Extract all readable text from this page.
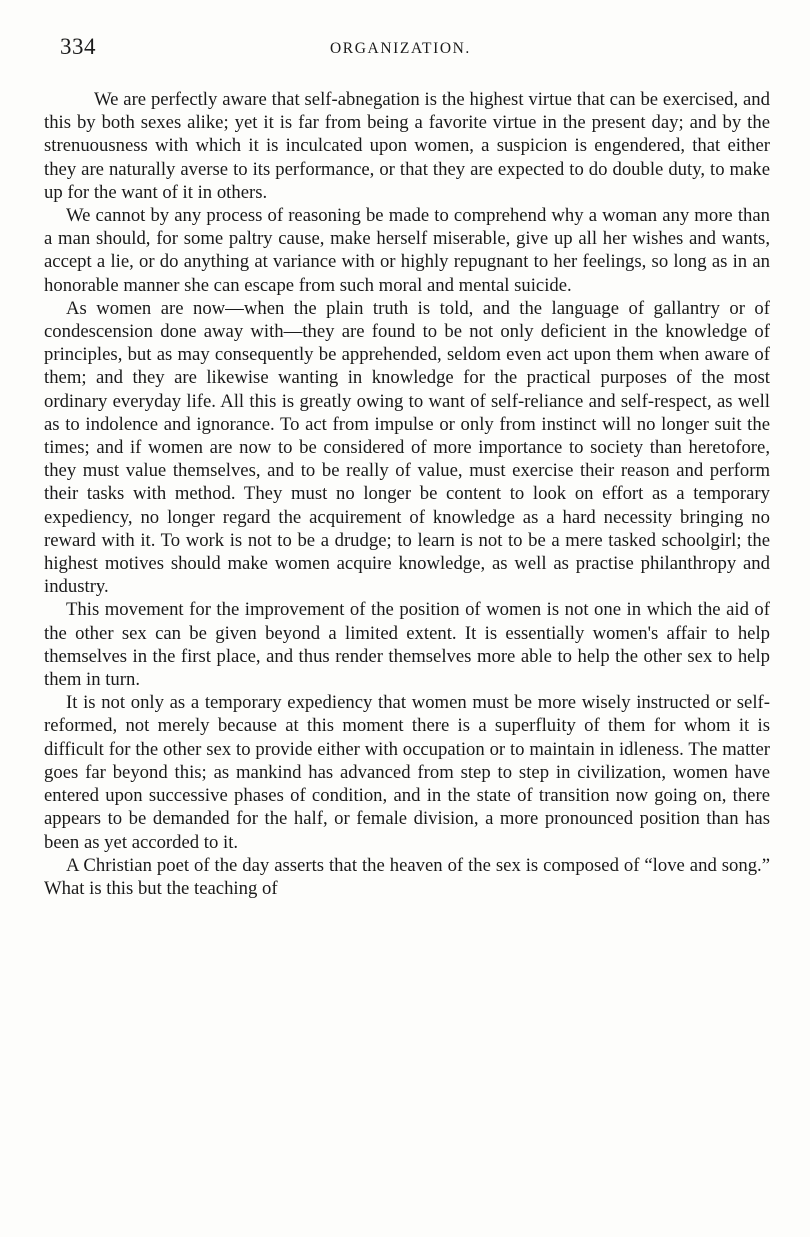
334	ORGANIZATION.

We are perfectly aware that self-abnegation is the highest virtue that can be exercised, and this by both sexes alike; yet it is far from being a favorite virtue in the present day; and by the strenuousness with which it is inculcated upon women, a suspicion is engendered, that either they are naturally averse to its performance, or that they are expected to do double duty, to make up for the want of it in others.

We cannot by any process of reasoning be made to comprehend why a woman any more than a man should, for some paltry cause, make herself miserable, give up all her wishes and wants, accept a lie, or do anything at variance with or highly repugnant to her feelings, so long as in an honorable manner she can escape from such moral and mental suicide.

As women are now—when the plain truth is told, and the language of gallantry or of condescension done away with—they are found to be not only deficient in the knowledge of principles, but as may consequently be apprehended, seldom even act upon them when aware of them; and they are likewise wanting in knowledge for the practical purposes of the most ordinary everyday life. All this is greatly owing to want of self-reliance and self-respect, as well as to indolence and ignorance. To act from impulse or only from instinct will no longer suit the times; and if women are now to be considered of more importance to society than heretofore, they must value themselves, and to be really of value, must exercise their reason and perform their tasks with method. They must no longer be content to look on effort as a temporary expediency, no longer regard the acquirement of knowledge as a hard necessity bringing no reward with it. To work is not to be a drudge; to learn is not to be a mere tasked schoolgirl; the highest motives should make women acquire knowledge, as well as practise philanthropy and industry.

This movement for the improvement of the position of women is not one in which the aid of the other sex can be given beyond a limited extent. It is essentially women's affair to help themselves in the first place, and thus render themselves more able to help the other sex to help them in turn.

It is not only as a temporary expediency that women must be more wisely instructed or self-reformed, not merely because at this moment there is a superfluity of them for whom it is difficult for the other sex to provide either with occupation or to maintain in idleness. The matter goes far beyond this; as mankind has advanced from step to step in civilization, women have entered upon successive phases of condition, and in the state of transition now going on, there appears to be demanded for the half, or female division, a more pronounced position than has been as yet accorded to it.

A Christian poet of the day asserts that the heaven of the sex is composed of “love and song.” What is this but the teaching of
